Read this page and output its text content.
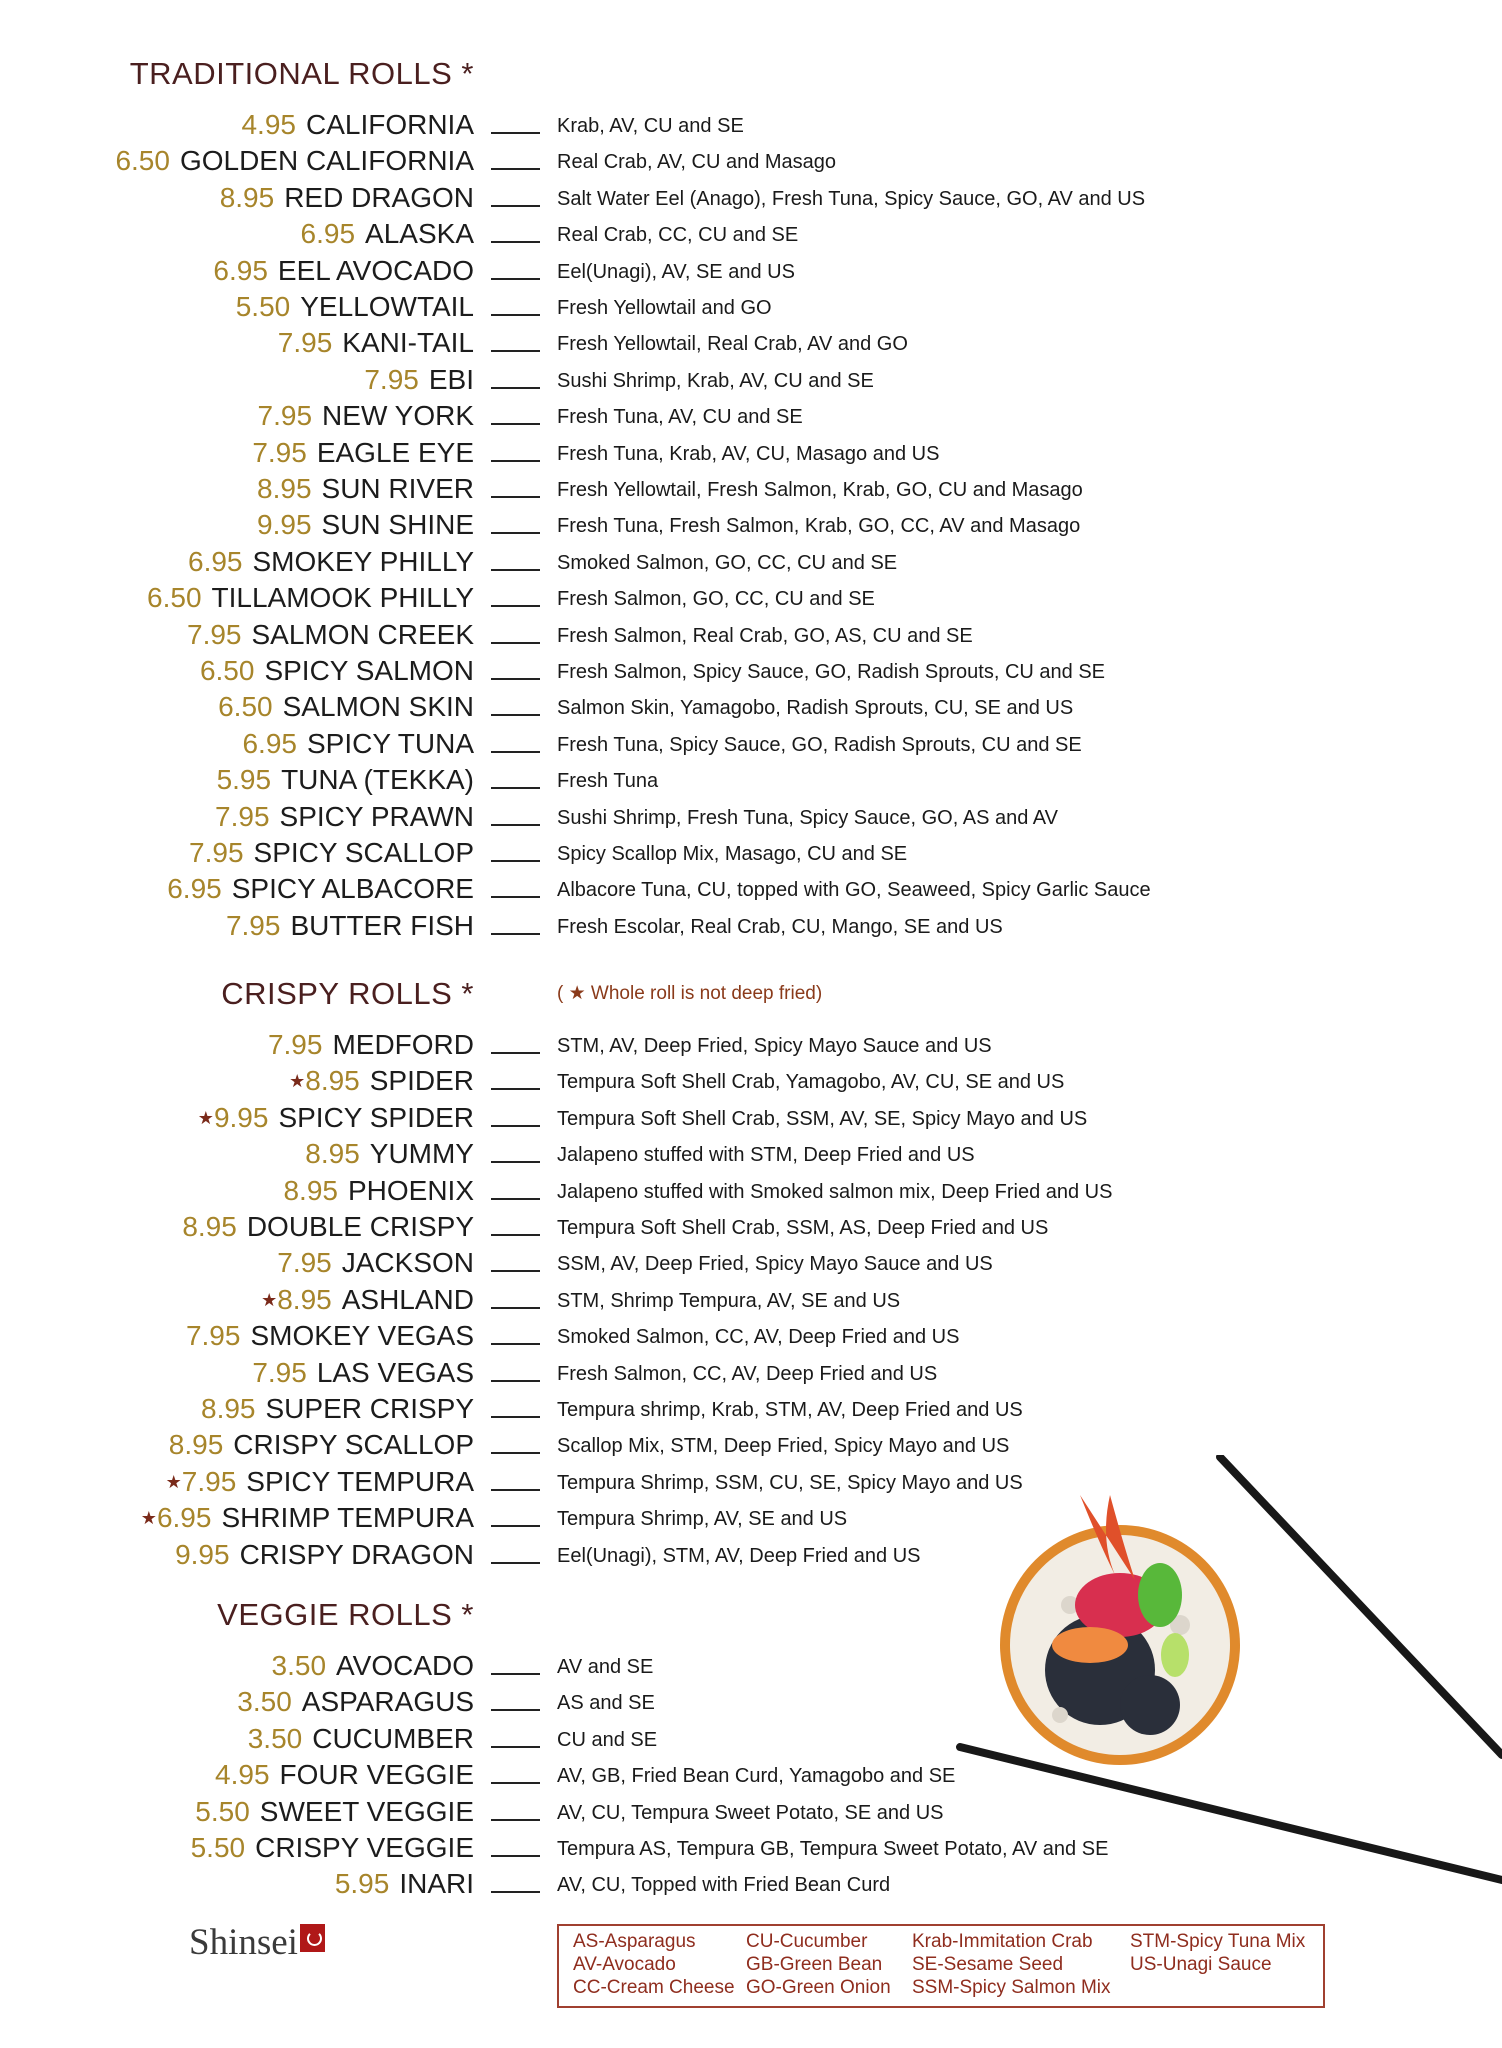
TRADITIONAL ROLLS *
4.95 CALIFORNIA	Krab, AV, CU and SE
6.50 GOLDEN CALIFORNIA	Real Crab, AV, CU and Masago
8.95 RED DRAGON	Salt Water Eel (Anago), Fresh Tuna, Spicy Sauce, GO, AV and US
6.95 ALASKA	Real Crab, CC, CU and SE
6.95 EEL AVOCADO	Eel(Unagi), AV, SE and US
5.50 YELLOWTAIL	Fresh Yellowtail and GO
7.95 KANI-TAIL	Fresh Yellowtail, Real Crab, AV and GO
7.95 EBI	Sushi Shrimp, Krab, AV, CU and SE
7.95 NEW YORK	Fresh Tuna, AV, CU and SE
7.95 EAGLE EYE	Fresh Tuna, Krab, AV, CU, Masago and US
8.95 SUN RIVER	Fresh Yellowtail, Fresh Salmon, Krab, GO, CU and Masago
9.95 SUN SHINE	Fresh Tuna, Fresh Salmon, Krab, GO, CC, AV and Masago
6.95 SMOKEY PHILLY	Smoked Salmon, GO, CC, CU and SE
6.50 TILLAMOOK PHILLY	Fresh Salmon, GO, CC, CU and SE
7.95 SALMON CREEK	Fresh Salmon, Real Crab, GO, AS, CU and SE
6.50 SPICY SALMON	Fresh Salmon, Spicy Sauce, GO, Radish Sprouts, CU and SE
6.50 SALMON SKIN	Salmon Skin, Yamagobo, Radish Sprouts, CU, SE and US
6.95 SPICY TUNA	Fresh Tuna, Spicy Sauce, GO, Radish Sprouts, CU and SE
5.95 TUNA (TEKKA)	Fresh Tuna
7.95 SPICY PRAWN	Sushi Shrimp, Fresh Tuna, Spicy Sauce, GO, AS and AV
7.95 SPICY SCALLOP	Spicy Scallop Mix, Masago, CU and SE
6.95 SPICY ALBACORE	Albacore Tuna, CU, topped with GO, Seaweed, Spicy Garlic Sauce
7.95 BUTTER FISH	Fresh Escolar, Real Crab, CU, Mango, SE and US
CRISPY ROLLS *	( ★ Whole roll is not deep fried)
7.95 MEDFORD	STM, AV, Deep Fried, Spicy Mayo Sauce and US
★8.95 SPIDER	Tempura Soft Shell Crab, Yamagobo, AV, CU, SE and US
★9.95 SPICY SPIDER	Tempura Soft Shell Crab, SSM, AV, SE, Spicy Mayo and US
8.95 YUMMY	Jalapeno stuffed with STM, Deep Fried and US
8.95 PHOENIX	Jalapeno stuffed with Smoked salmon mix, Deep Fried and US
8.95 DOUBLE CRISPY	Tempura Soft Shell Crab, SSM, AS, Deep Fried and US
7.95 JACKSON	SSM, AV, Deep Fried, Spicy Mayo Sauce and US
★8.95 ASHLAND	STM, Shrimp Tempura, AV, SE and US
7.95 SMOKEY VEGAS	Smoked Salmon, CC, AV, Deep Fried and US
7.95 LAS VEGAS	Fresh Salmon, CC, AV, Deep Fried and US
8.95 SUPER CRISPY	Tempura shrimp, Krab, STM, AV, Deep Fried and US
8.95 CRISPY SCALLOP	Scallop Mix, STM, Deep Fried, Spicy Mayo and US
★7.95 SPICY TEMPURA	Tempura Shrimp, SSM, CU, SE, Spicy Mayo and US
★6.95 SHRIMP TEMPURA	Tempura Shrimp, AV, SE and US
9.95 CRISPY DRAGON	Eel(Unagi), STM, AV, Deep Fried and US
VEGGIE ROLLS *
3.50 AVOCADO	AV and SE
3.50 ASPARAGUS	AS and SE
3.50 CUCUMBER	CU and SE
4.95 FOUR VEGGIE	AV, GB, Fried Bean Curd, Yamagobo and SE
5.50 SWEET VEGGIE	AV, CU, Tempura Sweet Potato, SE and US
5.50 CRISPY VEGGIE	Tempura AS, Tempura GB, Tempura Sweet Potato, AV and SE
5.95 INARI	AV, CU, Topped with Fried Bean Curd
Shinsei	AS-Asparagus
AV-Avocado
CC-Cream Cheese
CU-Cucumber
GB-Green Bean
GO-Green Onion
Krab-Immitation Crab
SE-Sesame Seed
SSM-Spicy Salmon Mix
STM-Spicy Tuna Mix
US-Unagi Sauce
